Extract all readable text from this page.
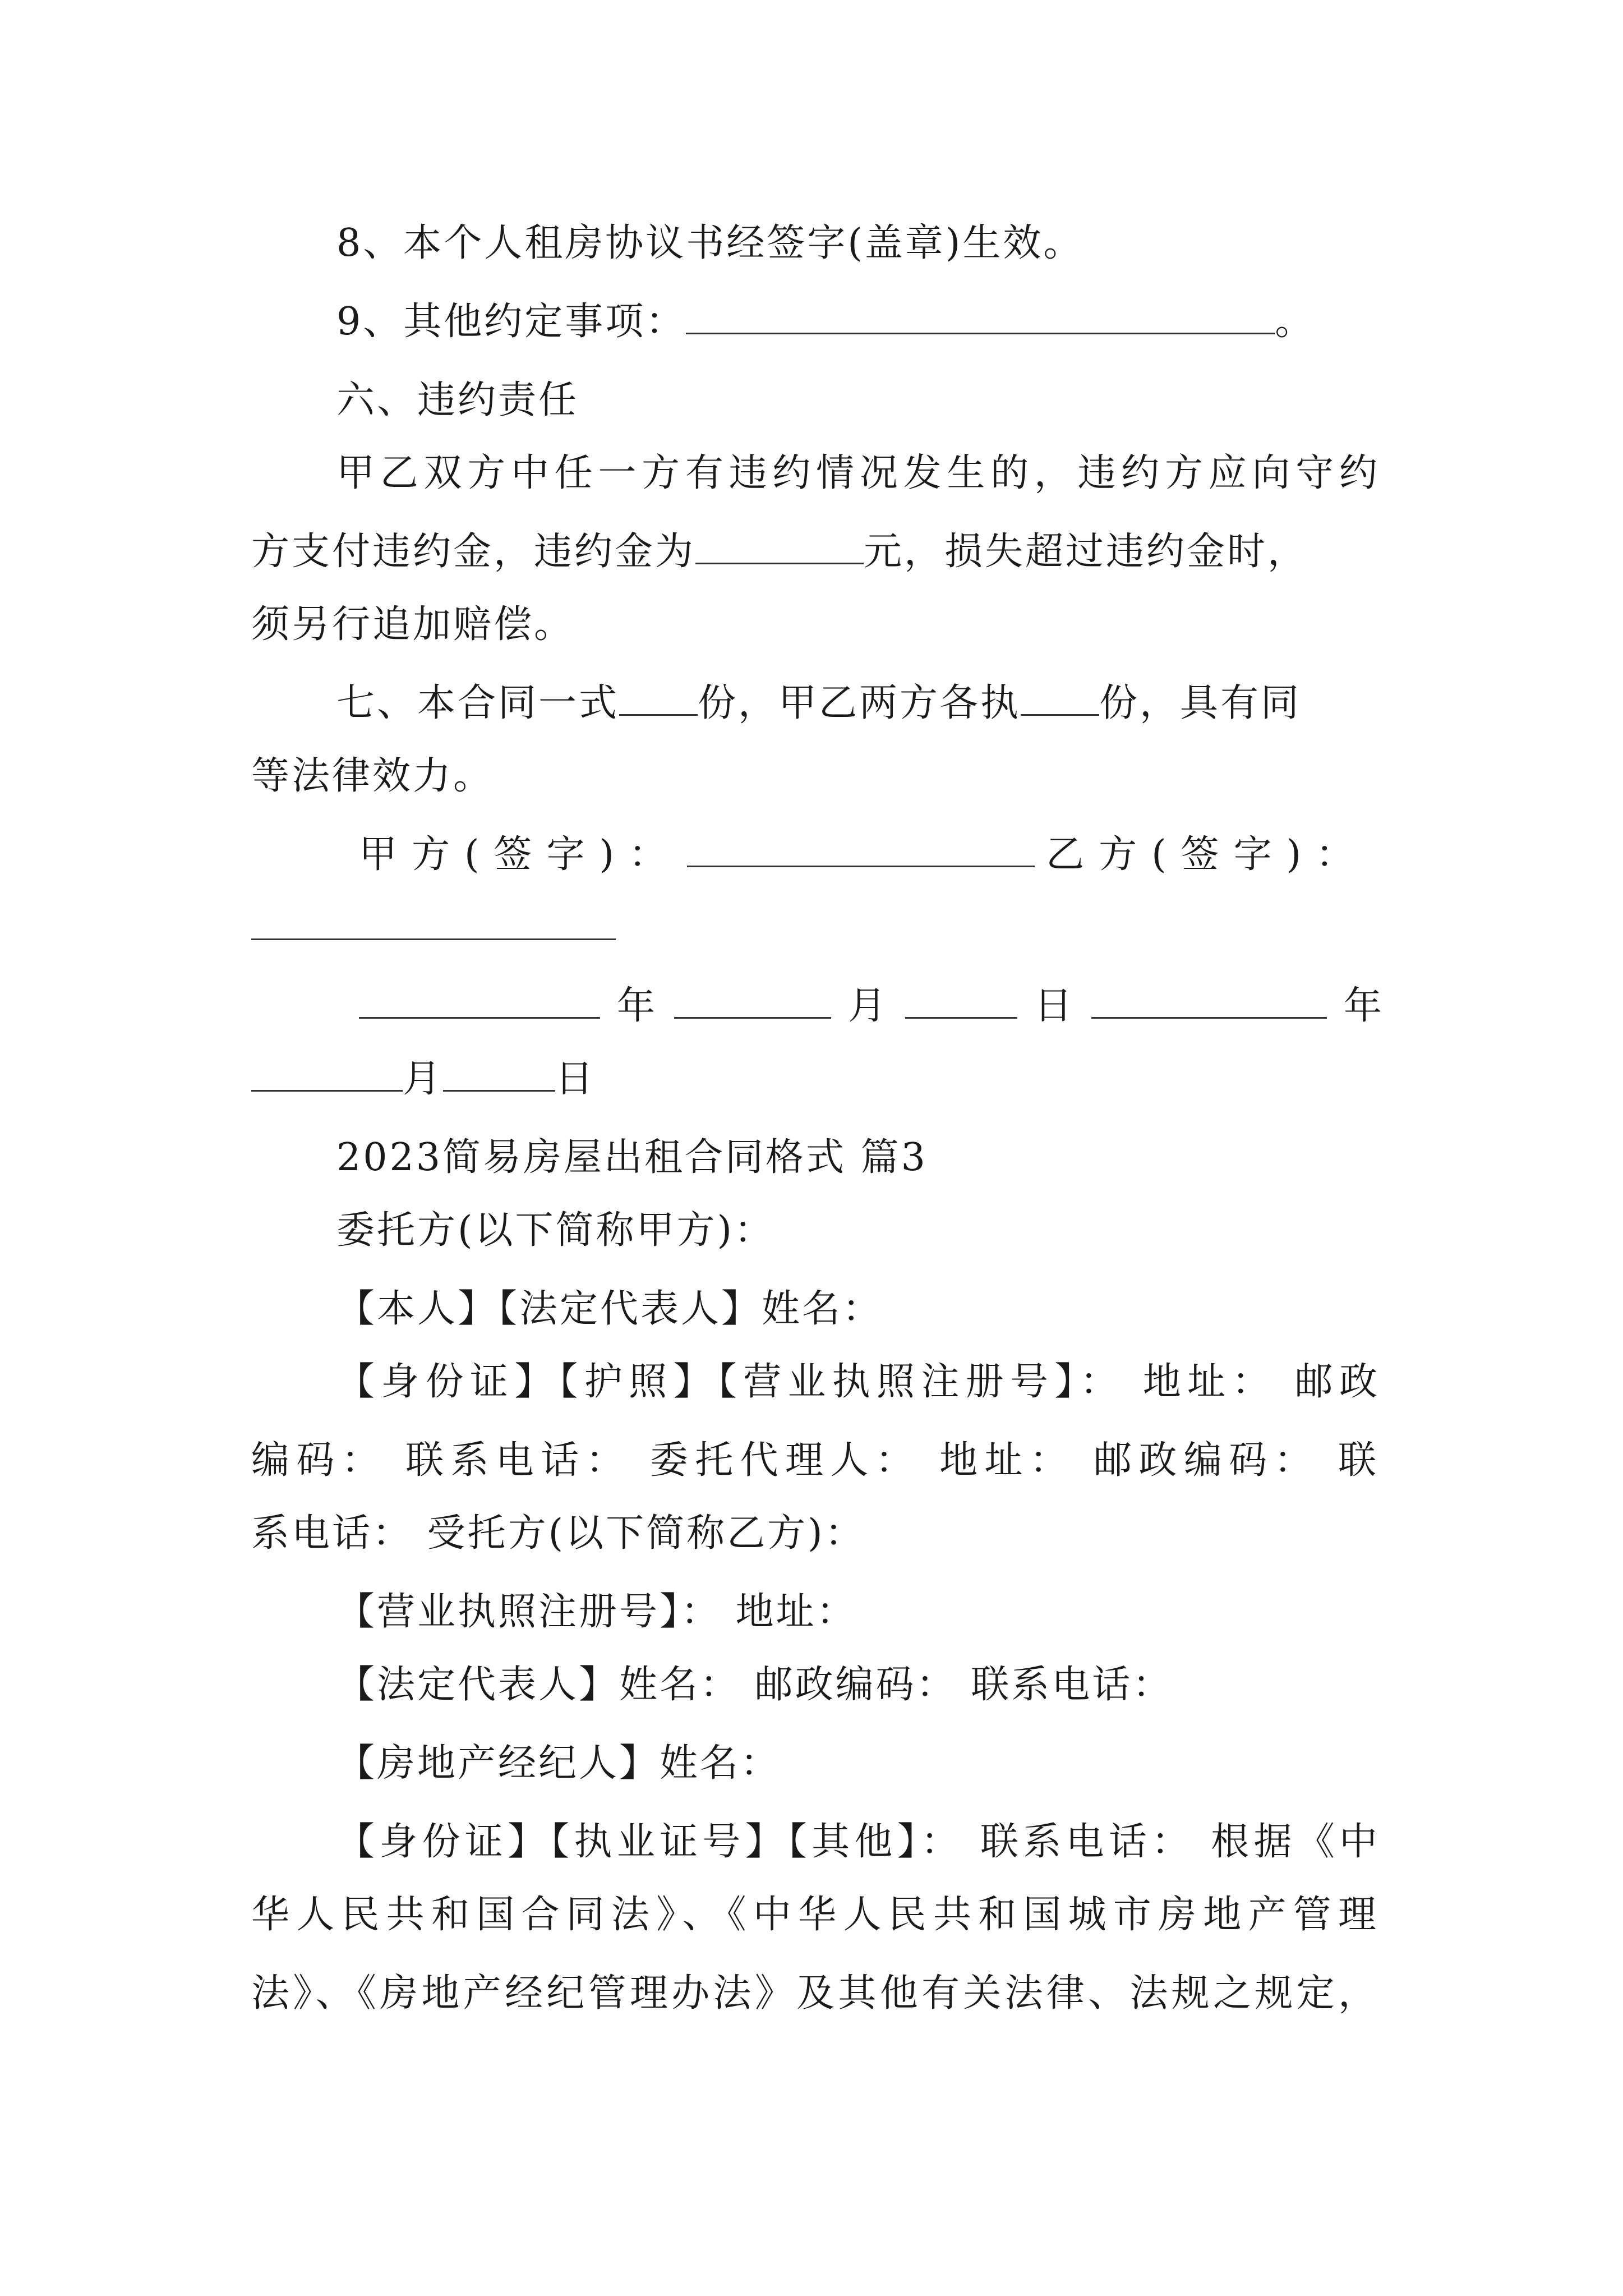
8、本个人租房协议书经签字(盖章)生效。
9、其他约定事项：	。
六、违约责任
甲乙双方中任一方有违约情况发生的，违约方应向守约
方支付违约金，违约金为	元，损失超过违约金时，
须另行追加赔偿。
七、本合同一式 份，甲乙两方各执 份，具有同
等法律效力。
甲方(签字)：	乙方(签字)：
年	月	日	年
月	日
2023简易房屋出租合同格式 篇3
委托方(以下简称甲方)：
【本人】【法定代表人】姓名：
【身份证】【护照】【营业执照注册号】： 地址： 邮政
编码： 联系电话： 委托代理人： 地址： 邮政编码： 联
系电话： 受托方(以下简称乙方)：
【营业执照注册号】： 地址：
【法定代表人】姓名： 邮政编码： 联系电话：
【房地产经纪人】姓名：
【身份证】【执业证号】【其他】： 联系电话： 根据《中
华人民共和国合同法》、《中华人民共和国城市房地产管理
法》、《房地产经纪管理办法》及其他有关法律、法规之规定，
